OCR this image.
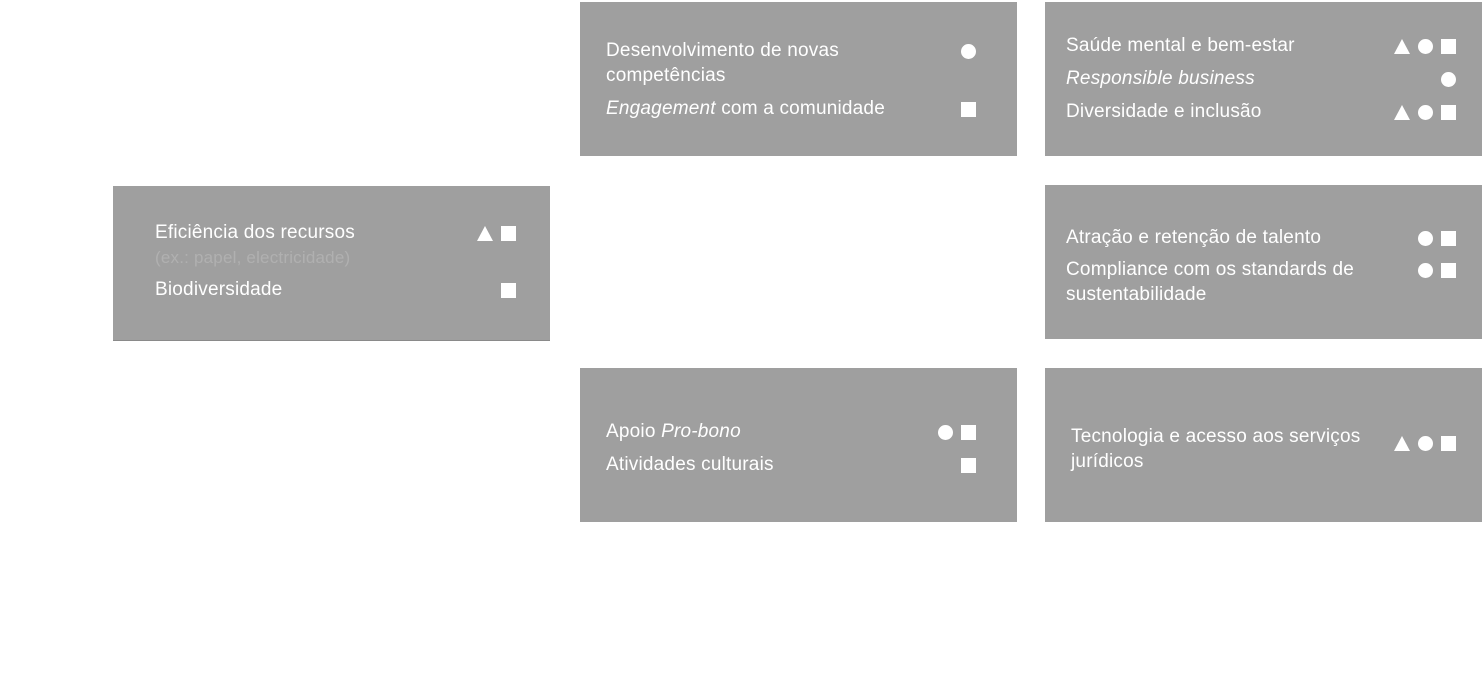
Eficiência dos recursos
(ex.: papel, electricidade)
Biodiversidade
Desenvolvimento de novas competências
Engagement com a comunidade
Saúde mental e bem-estar
Responsible business
Diversidade e inclusão
Atração e retenção de talento
Compliance com os standards de sustentabilidade
Apoio Pro-bono
Atividades culturais
Tecnologia e acesso aos serviços jurídicos
